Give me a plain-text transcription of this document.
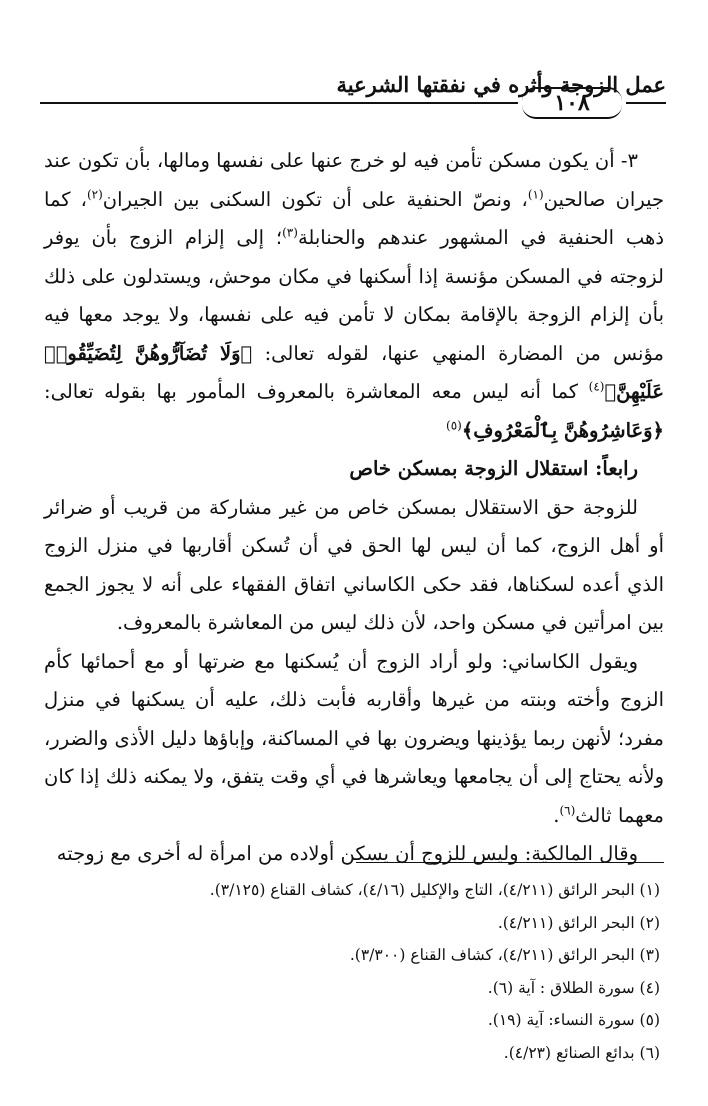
عمل الزوجة وأثره في نفقتها الشرعية
١٠٨

٣- أن يكون مسكن تأمن فيه لو خرج عنها على نفسها ومالها، بأن تكون عند جيران صالحين$^{(١)}$، ونصّ الحنفية على أن تكون السكنى بين الجيران$^{(٢)}$، كما ذهب الحنفية في المشهور عندهم والحنابلة$^{(٣)}$؛ إلى إلزام الزوج بأن يوفر لزوجته في المسكن مؤنسة إذا أسكنها في مكان موحش، ويستدلون على ذلك بأن إلزام الزوجة بالإقامة بمكان لا تأمن فيه على نفسها، ولا يوجد معها فيه مؤنس من المضارة المنهي عنها، لقوله تعالى: ﴿وَلَا تُضَآرُّوهُنَّ لِتُضَيِّقُوا۟ عَلَيْهِنَّ﴾$^{(٤)}$ كما أنه ليس معه المعاشرة بالمعروف المأمور بها بقوله تعالى: ﴿وَعَاشِرُوهُنَّ بِٱلْمَعْرُوفِ﴾$^{(٥)}$

رابعاً: استقلال الزوجة بمسكن خاص

للزوجة حق الاستقلال بمسكن خاص من غير مشاركة من قريب أو ضرائر أو أهل الزوج، كما أن ليس لها الحق في أن تُسكن أقاربها في منزل الزوج الذي أعده لسكناها، فقد حكى الكاساني اتفاق الفقهاء على أنه لا يجوز الجمع بين امرأتين في مسكن واحد، لأن ذلك ليس من المعاشرة بالمعروف.

ويقول الكاساني: ولو أراد الزوج أن يُسكنها مع ضرتها أو مع أحمائها كأم الزوج وأخته وبنته من غيرها وأقاربه فأبت ذلك، عليه أن يسكنها في منزل مفرد؛ لأنهن ربما يؤذينها ويضرون بها في المساكنة، وإباؤها دليل الأذى والضرر، ولأنه يحتاج إلى أن يجامعها ويعاشرها في أي وقت يتفق، ولا يمكنه ذلك إذا كان معهما ثالث$^{(٦)}$.

وقال المالكية: وليس للزوج أن يسكن أولاده من امرأة له أخرى مع زوجته

(١) البحر الرائق (٤/٢١١)، التاج والإكليل (٤/١٦)، كشاف القناع (٣/١٢٥).
(٢) البحر الرائق (٤/٢١١).
(٣) البحر الرائق (٤/٢١١)، كشاف القناع (٣/٣٠٠).
(٤) سورة الطلاق : آية (٦).
(٥) سورة النساء: آية (١٩).
(٦) بدائع الصنائع (٤/٢٣).
